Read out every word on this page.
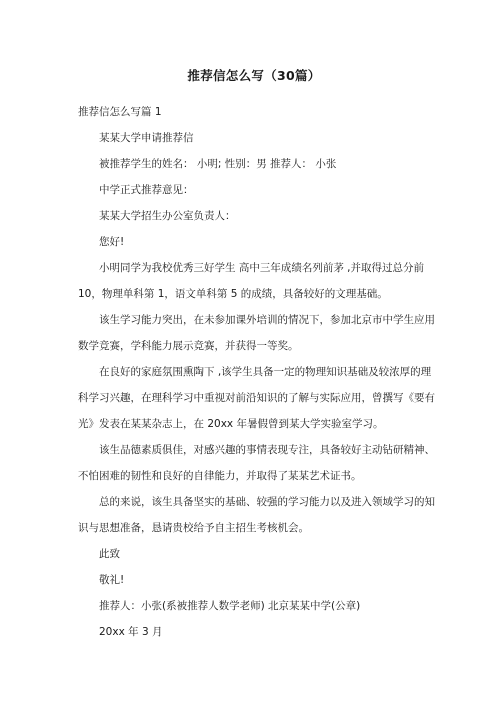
推荐信怎么写（30篇）
推荐信怎么写篇 1

某某大学申请推荐信

被推荐学生的姓名： 小明; 性别：男 推荐人： 小张

中学正式推荐意见：

某某大学招生办公室负责人：

您好!

小明同学为我校优秀三好学生 高中三年成绩名列前茅 ,并取得过总分前10，物理单科第 1，语文单科第 5 的成绩，具备较好的文理基础。

该生学习能力突出，在未参加课外培训的情况下，参加北京市中学生应用数学竞赛，学科能力展示竞赛，并获得一等奖。

在良好的家庭氛围熏陶下 ,该学生具备一定的物理知识基础及较浓厚的理科学习兴趣，在理科学习中重视对前沿知识的了解与实际应用，曾撰写《要有光》发表在某某杂志上，在 20xx 年暑假曾到某大学实验室学习。

该生品德素质俱佳，对感兴趣的事情表现专注，具备较好主动钻研精神、不怕困难的韧性和良好的自律能力，并取得了某某艺术证书。

总的来说，该生具备坚实的基础、较强的学习能力以及进入领域学习的知识与思想准备，恳请贵校给予自主招生考核机会。

此致

敬礼!

推荐人：小张(系被推荐人数学老师) 北京某某中学(公章)

20xx 年 3 月
